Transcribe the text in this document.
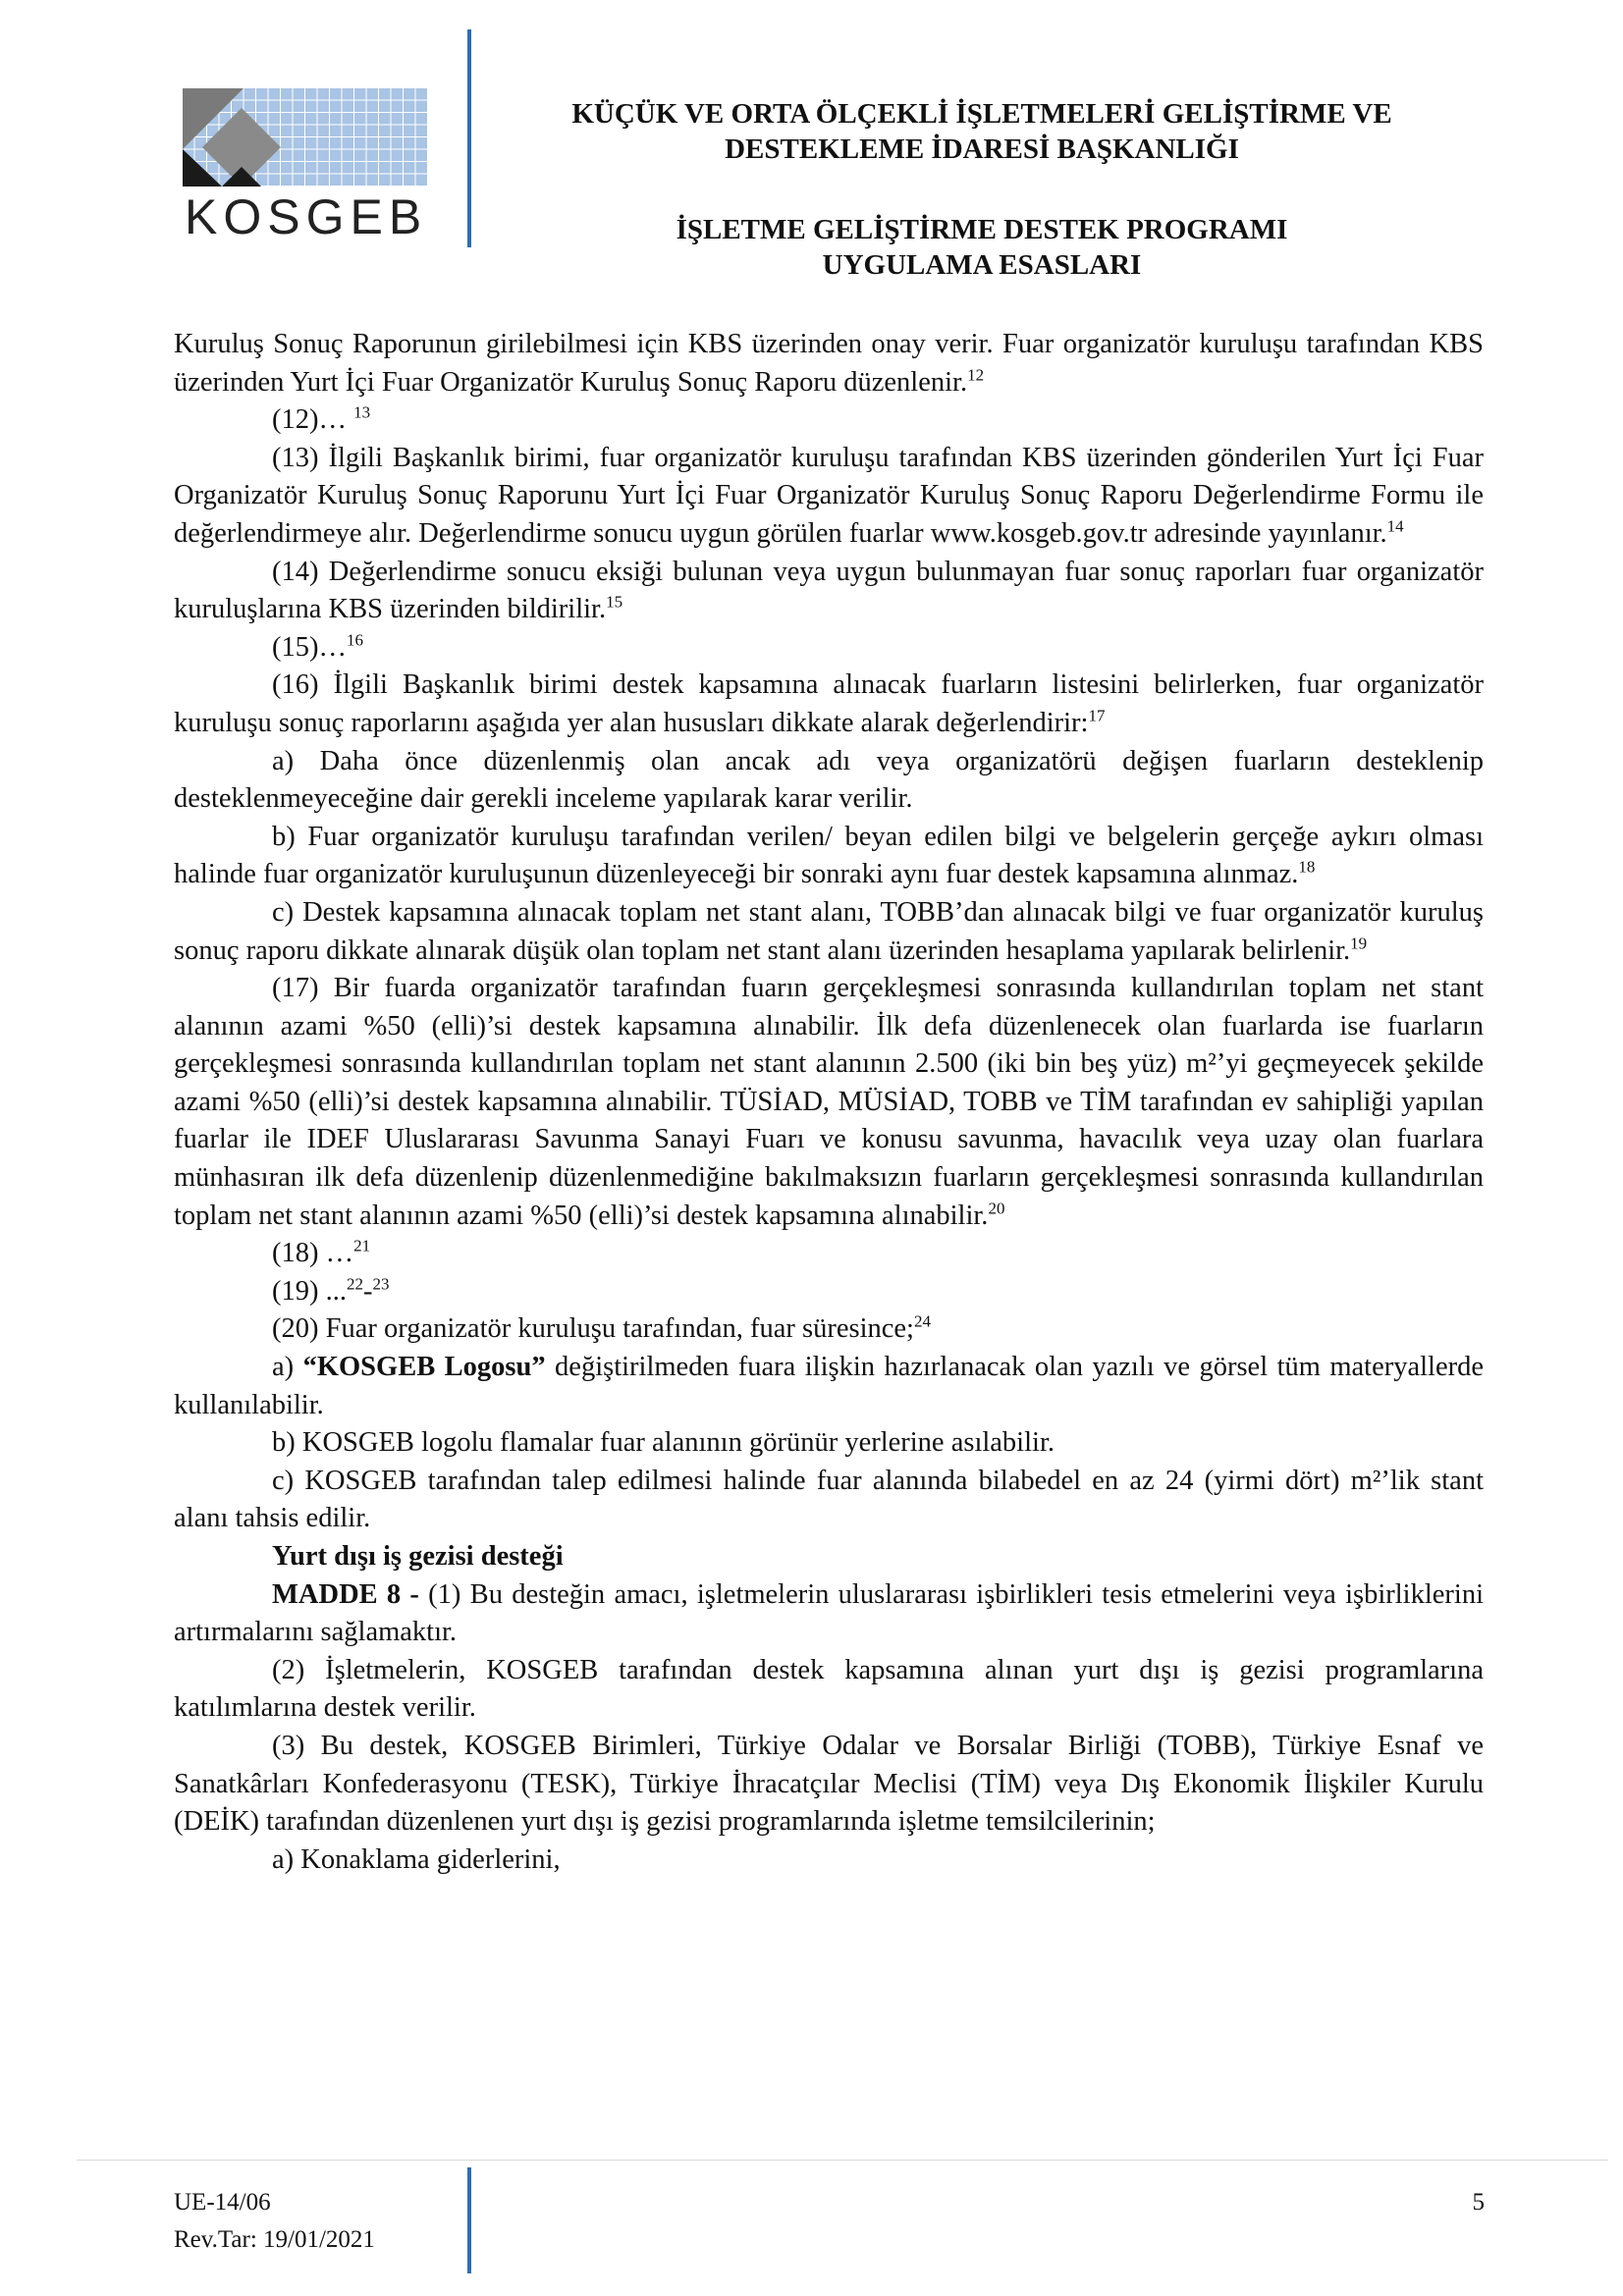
KOSGEB
KÜÇÜK VE ORTA ÖLÇEKLİ İŞLETMELERİ GELİŞTİRME VE
DESTEKLEME İDARESİ BAŞKANLIĞI
İŞLETME GELİŞTİRME DESTEK PROGRAMI
UYGULAMA ESASLARI

Kuruluş Sonuç Raporunun girilebilmesi için KBS üzerinden onay verir. Fuar organizatör kuruluşu tarafından KBS üzerinden Yurt İçi Fuar Organizatör Kuruluş Sonuç Raporu düzenlenir.$^{12}$

(12)… $^{13}$

(13) İlgili Başkanlık birimi, fuar organizatör kuruluşu tarafından KBS üzerinden gönderilen Yurt İçi Fuar Organizatör Kuruluş Sonuç Raporunu Yurt İçi Fuar Organizatör Kuruluş Sonuç Raporu Değerlendirme Formu ile değerlendirmeye alır. Değerlendirme sonucu uygun görülen fuarlar www.kosgeb.gov.tr adresinde yayınlanır.$^{14}$

(14) Değerlendirme sonucu eksiği bulunan veya uygun bulunmayan fuar sonuç raporları fuar organizatör kuruluşlarına KBS üzerinden bildirilir.$^{15}$

(15)…$^{16}$

(16) İlgili Başkanlık birimi destek kapsamına alınacak fuarların listesini belirlerken, fuar organizatör kuruluşu sonuç raporlarını aşağıda yer alan hususları dikkate alarak değerlendirir:$^{17}$

a) Daha önce düzenlenmiş olan ancak adı veya organizatörü değişen fuarların desteklenip desteklenmeyeceğine dair gerekli inceleme yapılarak karar verilir.

b) Fuar organizatör kuruluşu tarafından verilen/ beyan edilen bilgi ve belgelerin gerçeğe aykırı olması halinde fuar organizatör kuruluşunun düzenleyeceği bir sonraki aynı fuar destek kapsamına alınmaz.$^{18}$

c) Destek kapsamına alınacak toplam net stant alanı, TOBB’dan alınacak bilgi ve fuar organizatör kuruluş sonuç raporu dikkate alınarak düşük olan toplam net stant alanı üzerinden hesaplama yapılarak belirlenir.$^{19}$

(17) Bir fuarda organizatör tarafından fuarın gerçekleşmesi sonrasında kullandırılan toplam net stant alanının azami %50 (elli)’si destek kapsamına alınabilir. İlk defa düzenlenecek olan fuarlarda ise fuarların gerçekleşmesi sonrasında kullandırılan toplam net stant alanının 2.500 (iki bin beş yüz) m²’yi geçmeyecek şekilde azami %50 (elli)’si destek kapsamına alınabilir. TÜSİAD, MÜSİAD, TOBB ve TİM tarafından ev sahipliği yapılan fuarlar ile IDEF Uluslararası Savunma Sanayi Fuarı ve konusu savunma, havacılık veya uzay olan fuarlara münhasıran ilk defa düzenlenip düzenlenmediğine bakılmaksızın fuarların gerçekleşmesi sonrasında kullandırılan toplam net stant alanının azami %50 (elli)’si destek kapsamına alınabilir.$^{20}$

(18) …$^{21}$

(19) ...$^{22}$-$^{23}$

(20) Fuar organizatör kuruluşu tarafından, fuar süresince;$^{24}$

a) “KOSGEB Logosu” değiştirilmeden fuara ilişkin hazırlanacak olan yazılı ve görsel tüm materyallerde kullanılabilir.

b) KOSGEB logolu flamalar fuar alanının görünür yerlerine asılabilir.

c) KOSGEB tarafından talep edilmesi halinde fuar alanında bilabedel en az 24 (yirmi dört) m²’lik stant alanı tahsis edilir.

Yurt dışı iş gezisi desteği

MADDE 8 - (1) Bu desteğin amacı, işletmelerin uluslararası işbirlikleri tesis etmelerini veya işbirliklerini artırmalarını sağlamaktır.

(2) İşletmelerin, KOSGEB tarafından destek kapsamına alınan yurt dışı iş gezisi programlarına katılımlarına destek verilir.

(3) Bu destek, KOSGEB Birimleri, Türkiye Odalar ve Borsalar Birliği (TOBB), Türkiye Esnaf ve Sanatkârları Konfederasyonu (TESK), Türkiye İhracatçılar Meclisi (TİM) veya Dış Ekonomik İlişkiler Kurulu (DEİK) tarafından düzenlenen yurt dışı iş gezisi programlarında işletme temsilcilerinin;

a) Konaklama giderlerini,

UE-14/06
Rev.Tar: 19/01/2021
5
